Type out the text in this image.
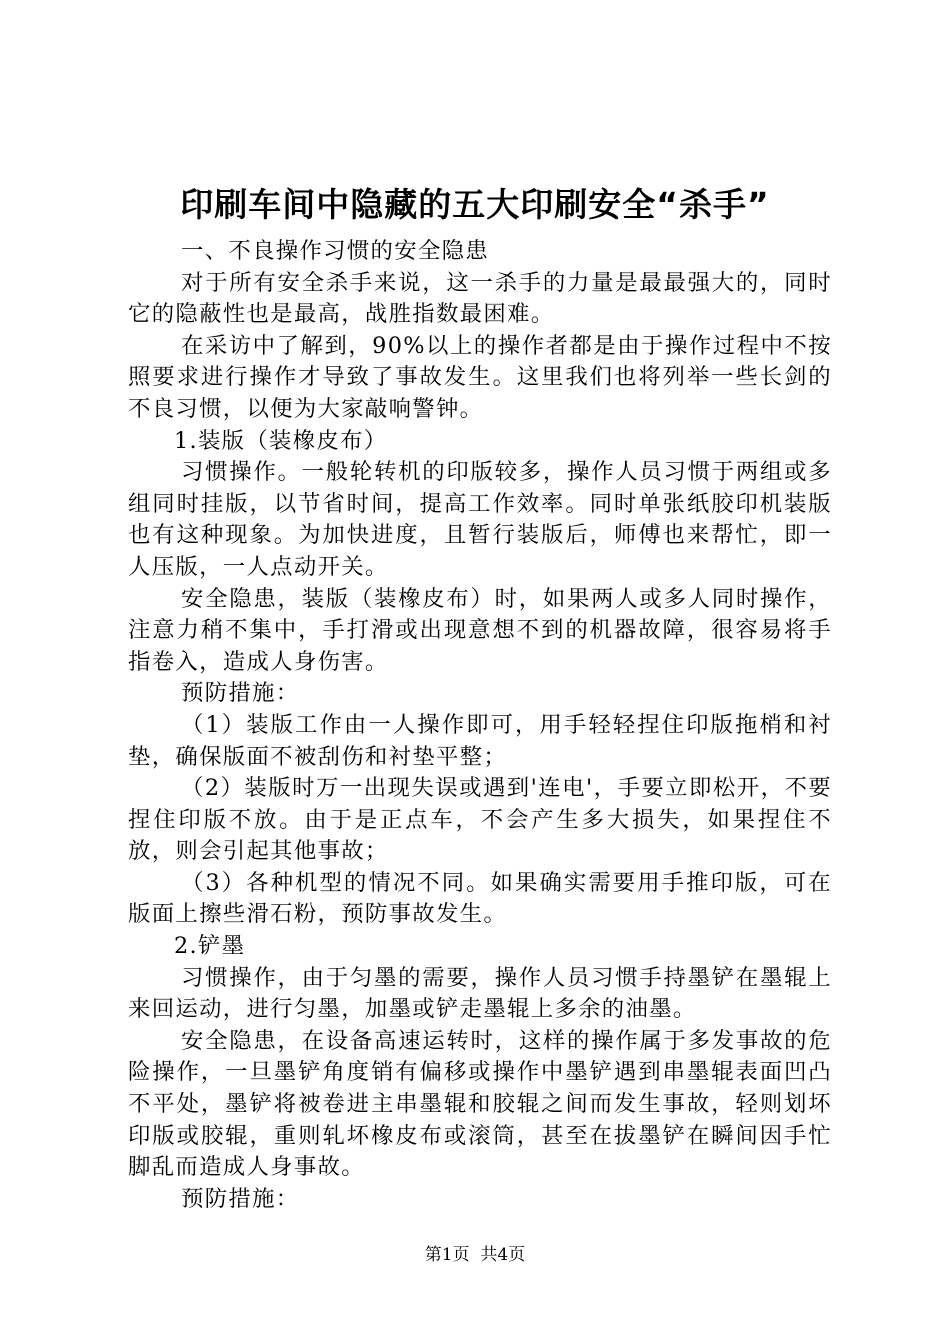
印刷车间中隐藏的五大印刷安全“杀手”

一、不良操作习惯的安全隐患

对于所有安全杀手来说，这一杀手的力量是最最强大的，同时它的隐蔽性也是最高，战胜指数最困难。

在采访中了解到，90%以上的操作者都是由于操作过程中不按照要求进行操作才导致了事故发生。这里我们也将列举一些长剑的不良习惯，以便为大家敲响警钟。

1.装版（装橡皮布）

习惯操作。一般轮转机的印版较多，操作人员习惯于两组或多组同时挂版，以节省时间，提高工作效率。同时单张纸胶印机装版也有这种现象。为加快进度，且暂行装版后，师傅也来帮忙，即一人压版，一人点动开关。

安全隐患，装版（装橡皮布）时，如果两人或多人同时操作，注意力稍不集中，手打滑或出现意想不到的机器故障，很容易将手指卷入，造成人身伤害。

预防措施：

（1）装版工作由一人操作即可，用手轻轻捏住印版拖梢和衬垫，确保版面不被刮伤和衬垫平整；

（2）装版时万一出现失误或遇到'连电'，手要立即松开，不要捏住印版不放。由于是正点车，不会产生多大损失，如果捏住不放，则会引起其他事故；

（3）各种机型的情况不同。如果确实需要用手推印版，可在版面上擦些滑石粉，预防事故发生。

2.铲墨

习惯操作，由于匀墨的需要，操作人员习惯手持墨铲在墨辊上来回运动，进行匀墨，加墨或铲走墨辊上多余的油墨。

安全隐患，在设备高速运转时，这样的操作属于多发事故的危险操作，一旦墨铲角度销有偏移或操作中墨铲遇到串墨辊表面凹凸不平处，墨铲将被卷进主串墨辊和胶辊之间而发生事故，轻则划坏印版或胶辊，重则轧坏橡皮布或滚筒，甚至在拔墨铲在瞬间因手忙脚乱而造成人身事故。

预防措施：

第1页  共4页
